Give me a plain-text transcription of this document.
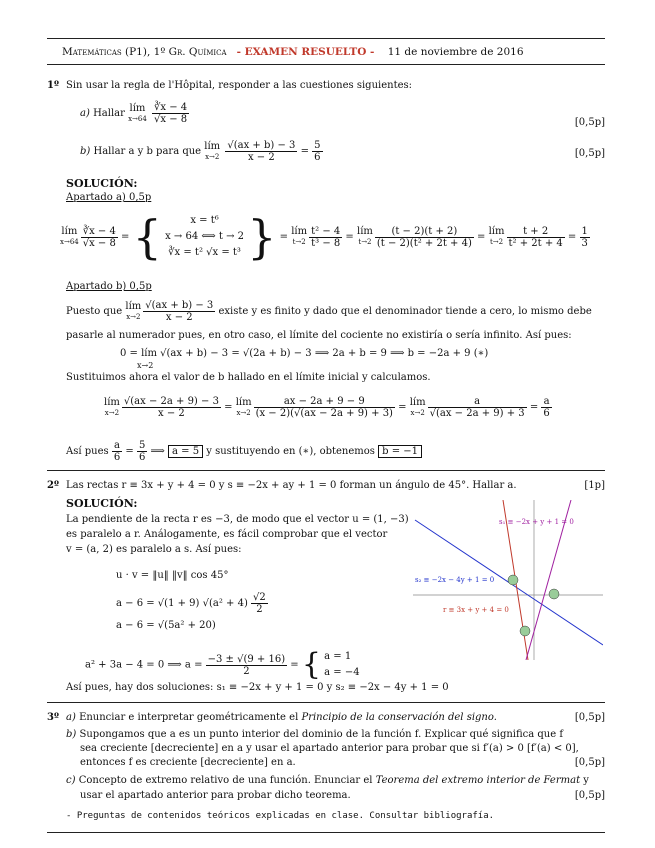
Matemáticas (P1), 1º Gr. Química - EXAMEN RESUELTO - 11 de noviembre de 2016
1º Sin usar la regla de l'Hôpital, responder a las cuestiones siguientes:
a) Hallar lím
x→64
$\frac{∛x - 4}{√x - 8}$	[0,5p]
b) Hallar a y b para que lím
x→2
$\frac{√(ax + b) - 3}{x - 2} = \frac{5}{6}$	[0,5p]
SOLUCIÓN:
Apartado a) 0,5p
lím
$x\to 64 \frac{∛x - 4}{√x - 8}$ = {	x = t⁶
x → 64 ⟺ t → 2
∛x = t² √x = t³ } = lím
$t\to 2 \frac{\text{t² − 4}}{\text{t³ − 8}}$ = lím
$t\to 2 \frac{(t - 2)(t + 2)}{\text{(t − 2)(t² + 2t + 4)}}$ = lím
$t\to 2 \frac{t + 2}{\text{t² + 2t + 4}} = \frac{1}{3}$
Apartado b) 0,5p
Puesto que lím
$x\to 2 \frac{√(ax + b) - 3}{x - 2}$ existe y es finito y dado que el denominador tiende a cero, lo mismo debe
pasarle al numerador pues, en otro caso, el límite del cociente no existiría o sería infinito. Así pues:
0 = lím √(ax + b) − 3 = √(2a + b) − 3 ⟹ 2a + b = 9 ⟹ b = −2a + 9 (∗)
x→2
Sustituimos ahora el valor de b hallado en el límite inicial y calculamos.
lím
$x\to 2 \frac{√(ax - 2a + 9) - 3}{x - 2}$ = lím
$x\to 2 \frac{ax - 2a + 9 - 9}{(x - 2)(√(ax - 2a + 9) + 3)}$ = lím
$x\to 2 \frac{a}{√(ax - 2a + 9) + 3} = \frac{a}{6}$
Así pues $\frac{a}{6} = \frac{5}{6}$ ⟹ a = 5 y sustituyendo en (∗), obtenemos b = −1
2º Las rectas r ≡ 3x + y + 4 = 0 y s ≡ −2x + ay + 1 = 0 forman un ángulo de 45°. Hallar a.	[1p]
SOLUCIÓN:
La pendiente de la recta r es −3, de modo que el vector u = (1, −3)
es paralelo a r. Análogamente, es fácil comprobar que el vector
v = (a, 2) es paralelo a s. Así pues:
u · v = ‖u‖ ‖v‖ cos 45°
a − 6 = √(1 + 9) $√(a^2 + 4) \frac{√2}{2}$
a − 6 = √(5a² + 20)
a² + 3a − 4 = 0 ⟹ $a = \frac{-3 \pm √(9 + 16)}{2}$ = { a = 1
a = −4
Así pues, hay dos soluciones: s₁ ≡ −2x + y + 1 = 0 y s₂ ≡ −2x − 4y + 1 = 0
s₁ ≡ −2x + y + 1 = 0
s₂ ≡ −2x − 4y + 1 = 0
r ≡ 3x + y + 4 = 0
3º a) Enunciar e interpretar geométricamente el Principio de la conservación del signo.	[0,5p]
b) Supongamos que a es un punto interior del dominio de la función f. Explicar qué significa que f
sea creciente [decreciente] en a y usar el apartado anterior para probar que si f′(a) > 0 [f′(a) < 0],
entonces f es creciente [decreciente] en a.	[0,5p]
c) Concepto de extremo relativo de una función. Enunciar el Teorema del extremo interior de Fermat y
usar el apartado anterior para probar dicho teorema.	[0,5p]
- Preguntas de contenidos teóricos explicadas en clase. Consultar bibliografía.
